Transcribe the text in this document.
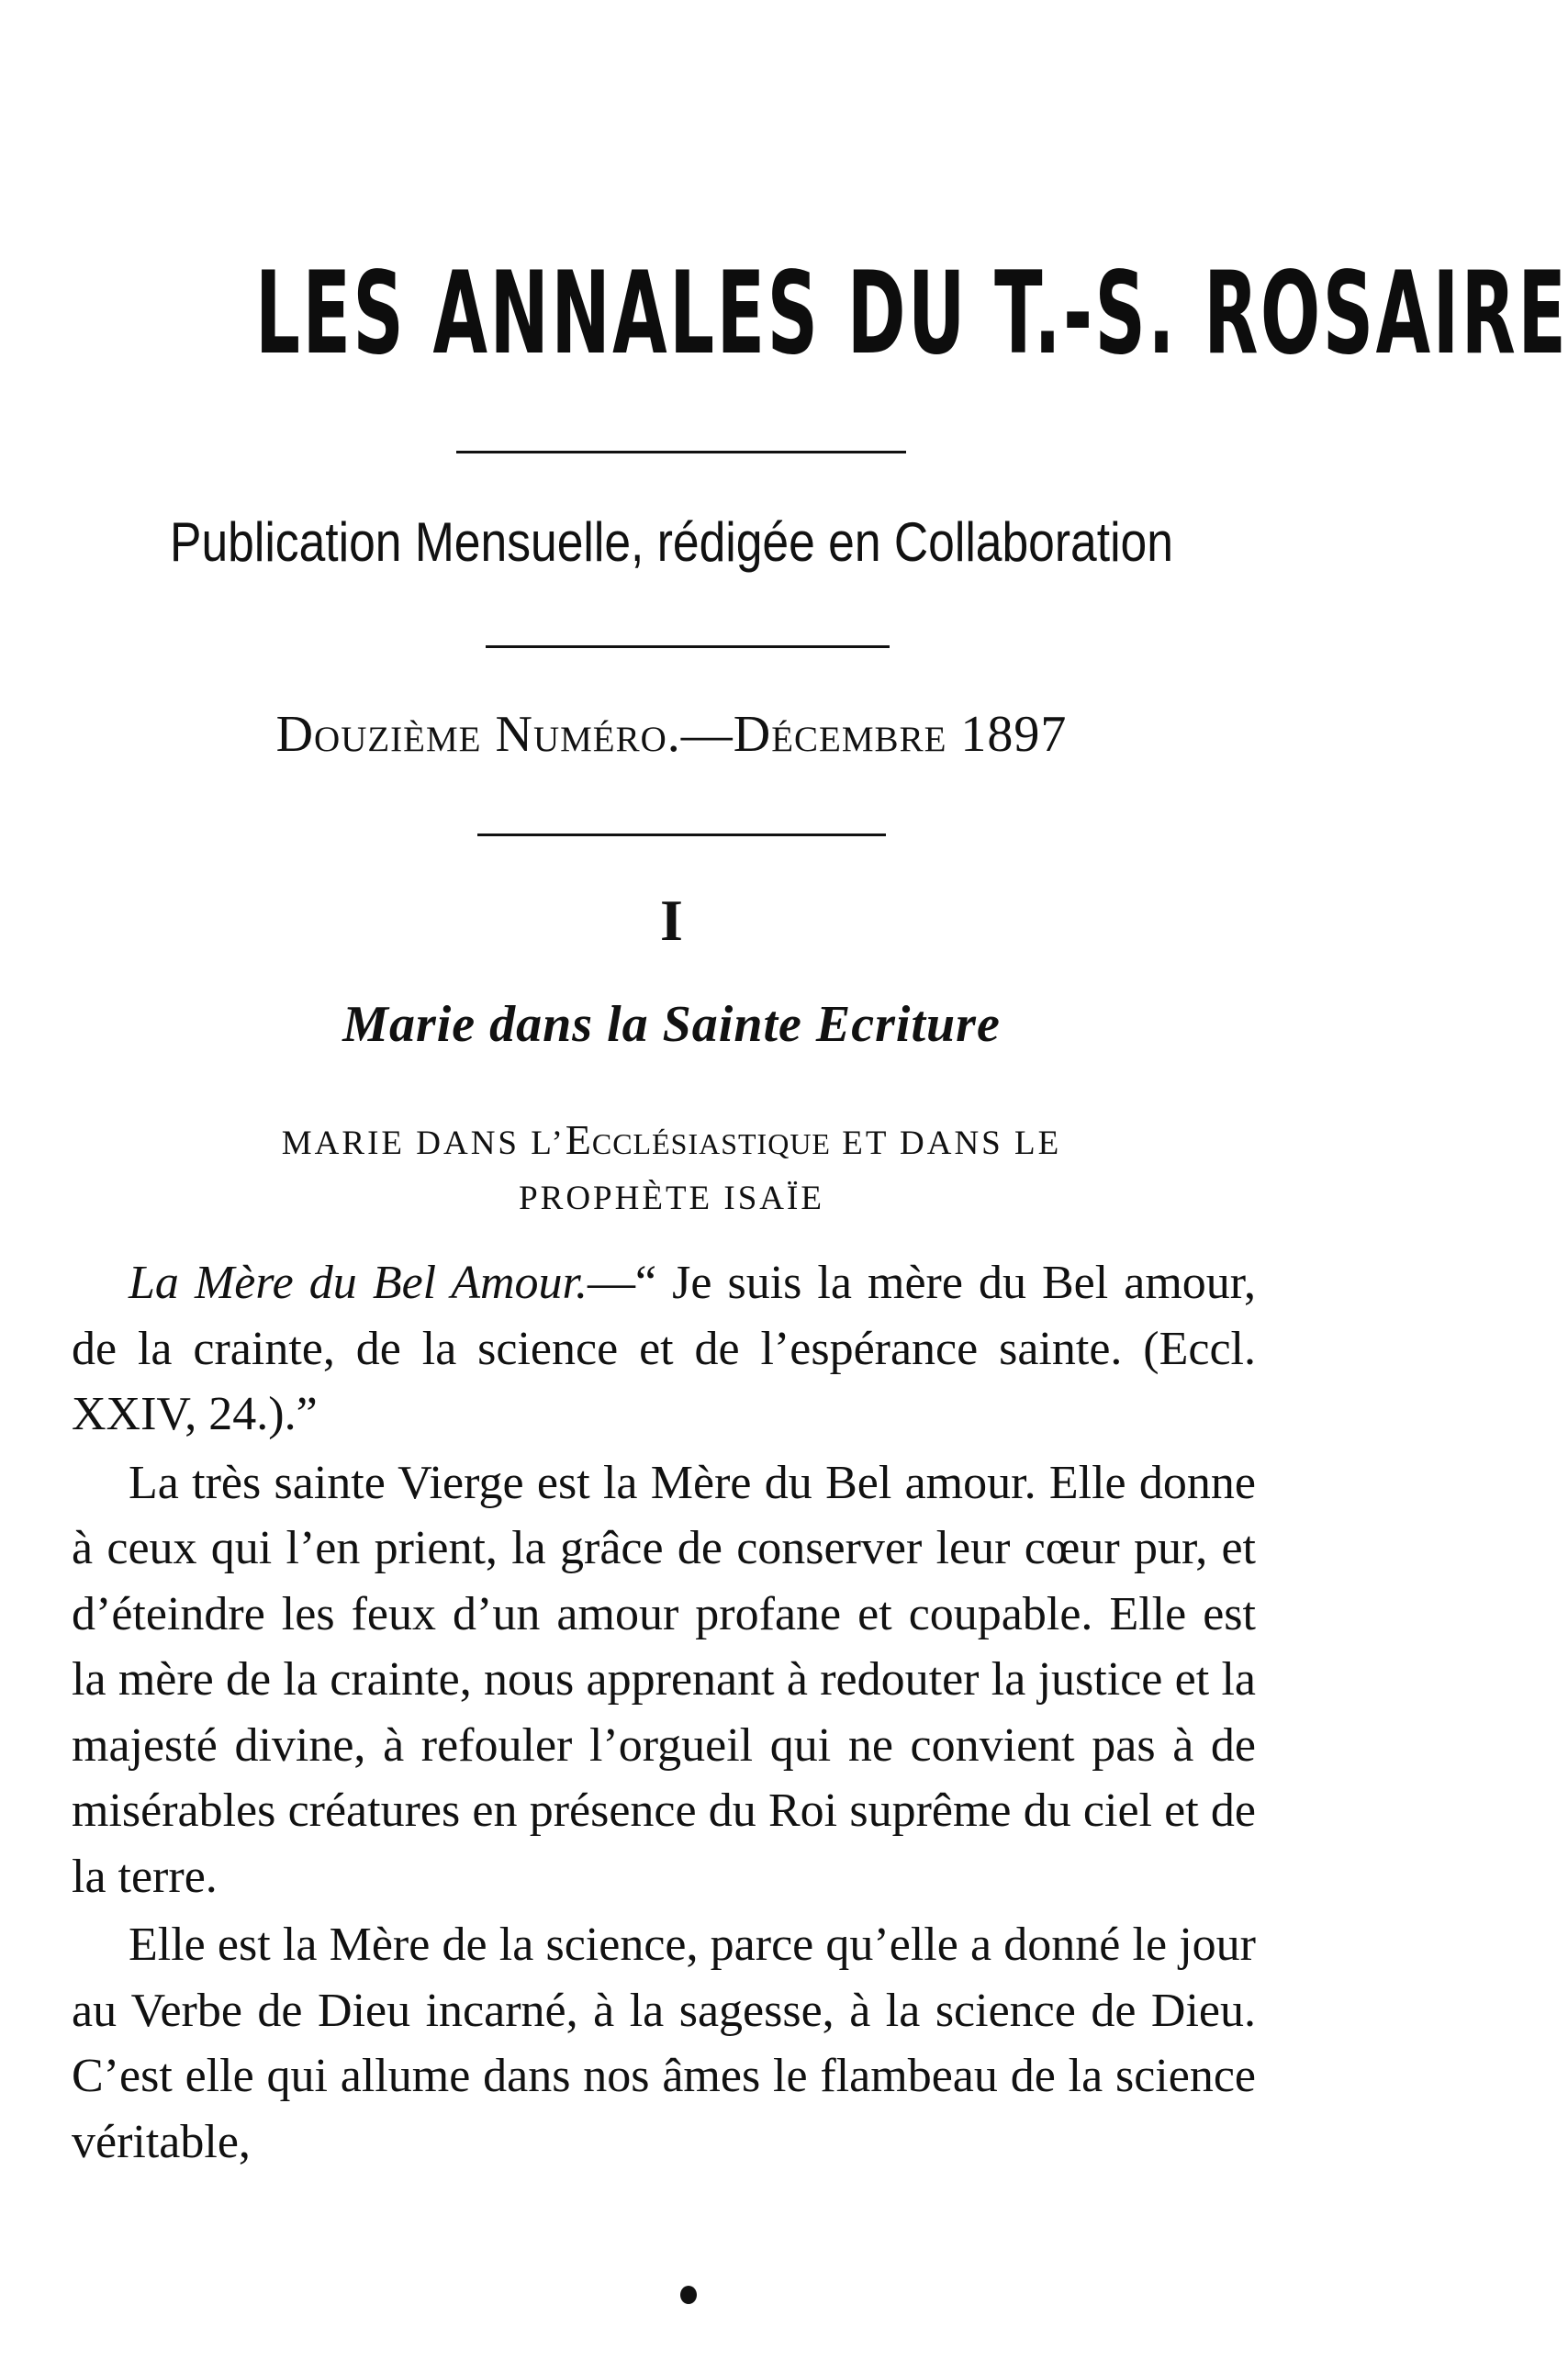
LES ANNALES DU T.-S. ROSAIRE
Publication Mensuelle, rédigée en Collaboration
Douzième Numéro.—Décembre 1897
I
Marie dans la Sainte Ecriture
MARIE DANS L’Ecclésiastique ET DANS LE
PROPHÈTE ISAÏE

La Mère du Bel Amour.—“ Je suis la mère du Bel amour, de la crainte, de la science et de l’espérance sainte. (Eccl. XXIV, 24.).”

La très sainte Vierge est la Mère du Bel amour. Elle donne à ceux qui l’en prient, la grâce de conserver leur cœur pur, et d’éteindre les feux d’un amour profane et coupable. Elle est la mère de la crainte, nous apprenant à redouter la justice et la majesté divine, à refouler l’orgueil qui ne convient pas à de misérables créatures en présence du Roi suprême du ciel et de la terre.

Elle est la Mère de la science, parce qu’elle a donné le jour au Verbe de Dieu incarné, à la sagesse, à la science de Dieu. C’est elle qui allume dans nos âmes le flambeau de la science véritable,
